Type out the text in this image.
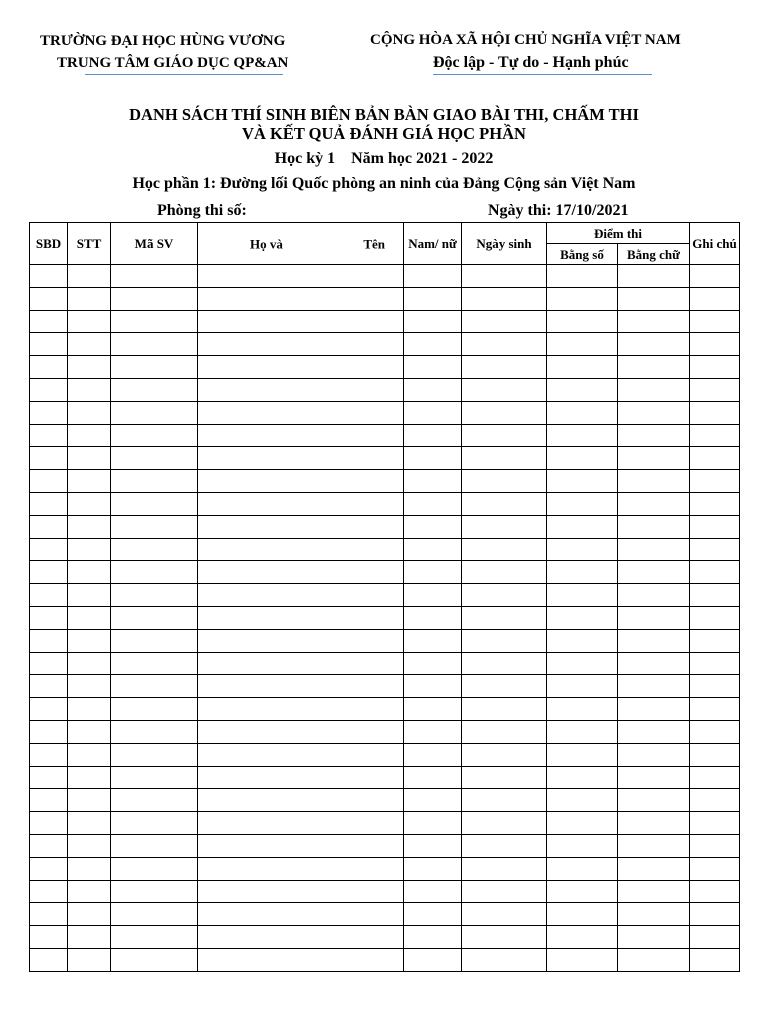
TRƯỜNG ĐẠI HỌC HÙNG VƯƠNG
TRUNG TÂM GIÁO DỤC QP&AN
CỘNG HÒA XÃ HỘI CHỦ NGHĨA VIỆT NAM
Độc lập - Tự do - Hạnh phúc
DANH SÁCH THÍ SINH BIÊN BẢN BÀN GIAO BÀI THI, CHẤM THI
VÀ KẾT QUẢ ĐÁNH GIÁ HỌC PHẦN
Học kỳ 1    Năm học 2021 - 2022
Học phần 1: Đường lối Quốc phòng an ninh của Đảng Cộng sản Việt Nam
Phòng thi số:	Ngày thi: 17/10/2021
SBD	STT	Mã SV	Họ và Tên	Nam/ nữ	Ngày sinh	Điểm thi		Ghi chú
						Bằng số	Bằng chữ	
